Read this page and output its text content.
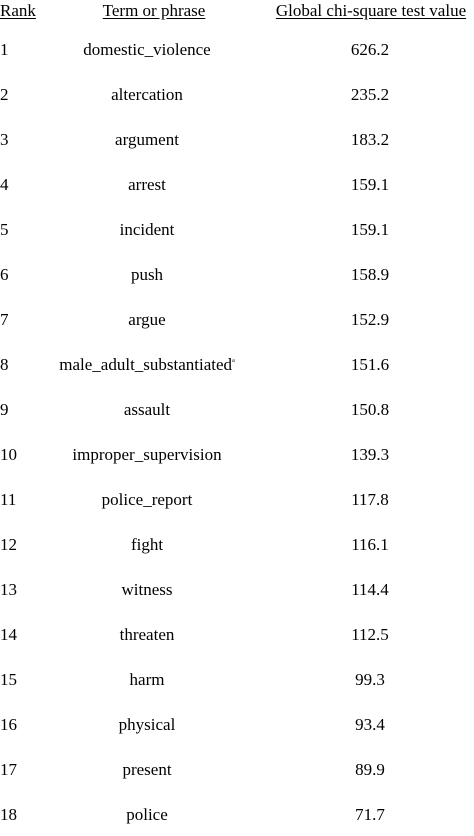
Rank	Term or phrase	Global chi-square test value
1	domestic_violence	626.2
2	altercation	235.2
3	argument	183.2
4	arrest	159.1
5	incident	159.1
6	push	158.9
7	argue	152.9
8	male_adult_substantiated$^a$	151.6
9	assault	150.8
10	improper_supervision	139.3
11	police_report	117.8
12	fight	116.1
13	witness	114.4
14	threaten	112.5
15	harm	99.3
16	physical	93.4
17	present	89.9
18	police	71.7
